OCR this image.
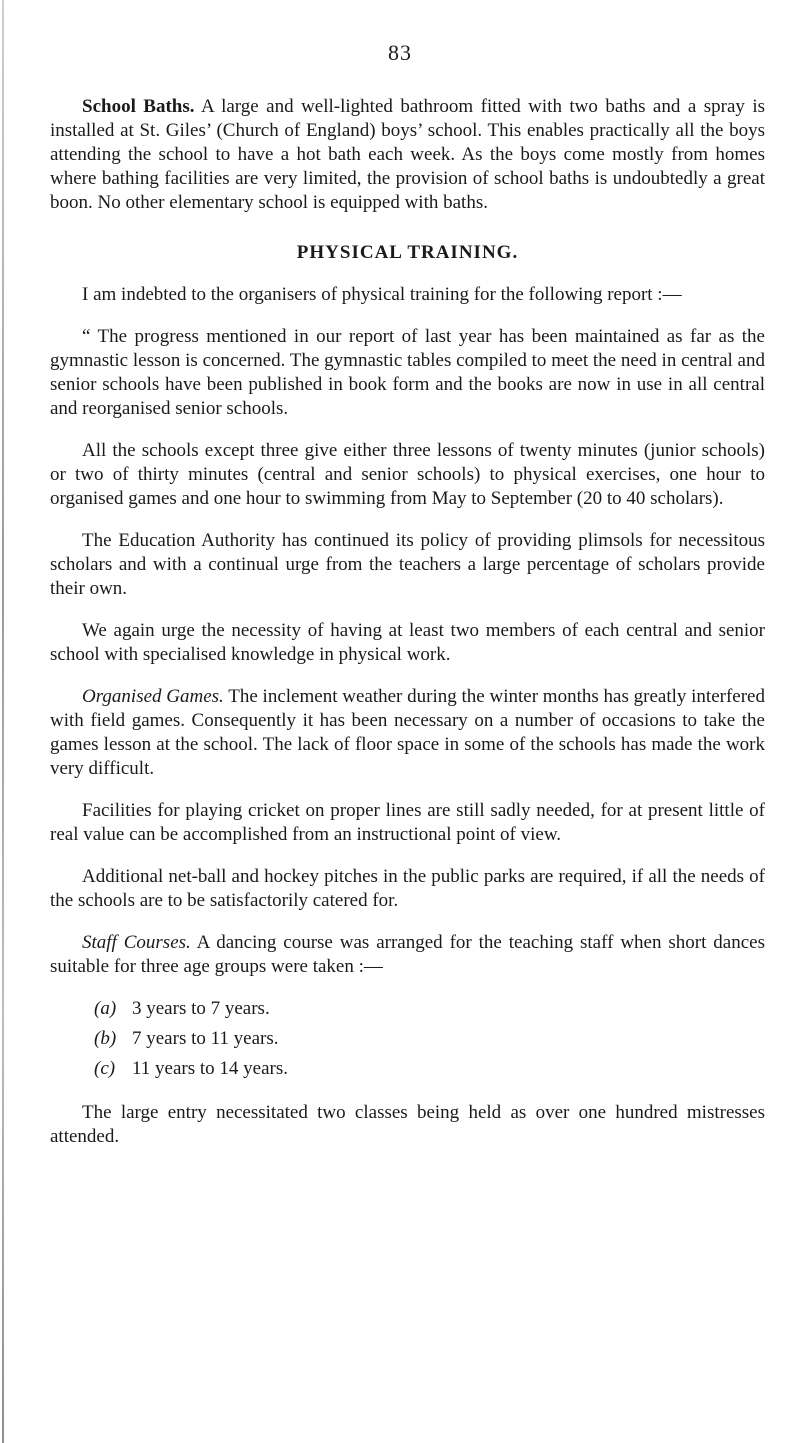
83

School Baths. A large and well-lighted bathroom fitted with two baths and a spray is installed at St. Giles’ (Church of England) boys’ school. This enables practically all the boys attending the school to have a hot bath each week. As the boys come mostly from homes where bathing facilities are very limited, the provision of school baths is undoubtedly a great boon. No other elementary school is equipped with baths.

PHYSICAL TRAINING.

I am indebted to the organisers of physical training for the following report :—

“ The progress mentioned in our report of last year has been maintained as far as the gymnastic lesson is concerned. The gymnastic tables compiled to meet the need in central and senior schools have been published in book form and the books are now in use in all central and reorganised senior schools.

All the schools except three give either three lessons of twenty minutes (junior schools) or two of thirty minutes (central and senior schools) to physical exercises, one hour to organised games and one hour to swimming from May to September (20 to 40 scholars).

The Education Authority has continued its policy of providing plimsols for necessitous scholars and with a continual urge from the teachers a large percentage of scholars provide their own.

We again urge the necessity of having at least two members of each central and senior school with specialised knowledge in physical work.

Organised Games. The inclement weather during the winter months has greatly interfered with field games. Consequently it has been necessary on a number of occasions to take the games lesson at the school. The lack of floor space in some of the schools has made the work very difficult.

Facilities for playing cricket on proper lines are still sadly needed, for at present little of real value can be accomplished from an instructional point of view.

Additional net-ball and hockey pitches in the public parks are required, if all the needs of the schools are to be satisfactorily catered for.

Staff Courses. A dancing course was arranged for the teaching staff when short dances suitable for three age groups were taken :—

(a) 3 years to 7 years.
(b) 7 years to 11 years.
(c) 11 years to 14 years.

The large entry necessitated two classes being held as over one hundred mistresses attended.
